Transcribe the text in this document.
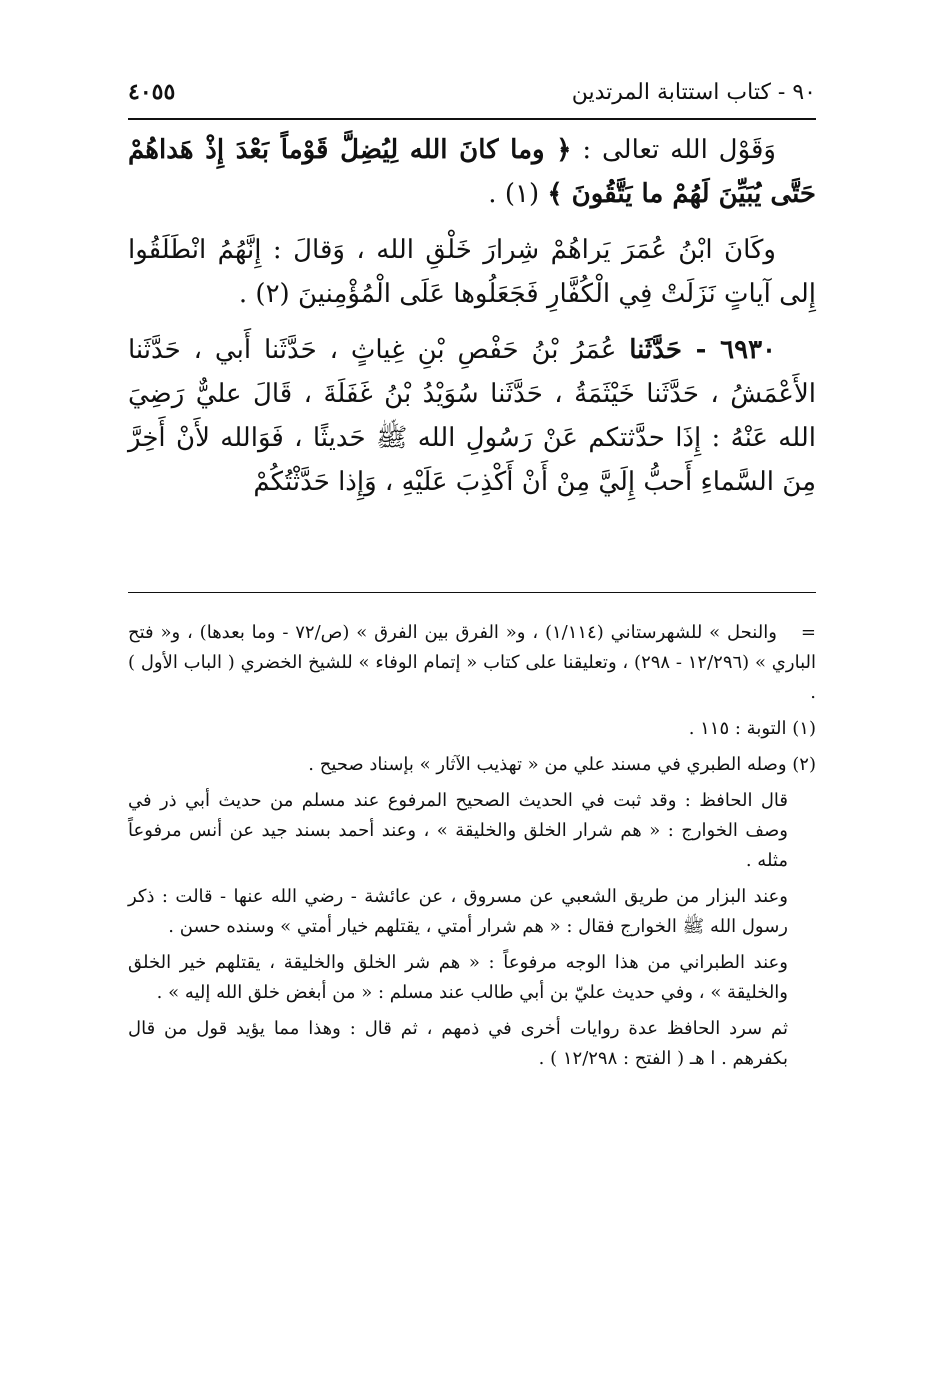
٩٠ - كتاب استتابة المرتدين
٤٠٥٥

وَقَوْل الله تعالى : ﴿ وما كانَ الله لِيُضِلَّ قَوْماً بَعْدَ إِذْ هَداهُمْ حَتَّى يُبَيِّنَ لَهُمْ ما يَتَّقُونَ ﴾ (١) .

وكَانَ ابْنُ عُمَرَ يَراهُمْ شِرارَ خَلْقِ الله ، وَقالَ : إِنَّهُمُ انْطَلَقُوا إِلى آياتٍ نَزَلَتْ فِي الْكُفَّارِ فَجَعَلُوها عَلَى الْمُؤْمِنينَ (٢) .

٦٩٣٠ - حَدَّثَنا عُمَرُ بْنُ حَفْصِ بْنِ غِياثٍ ، حَدَّثَنا أَبي ، حَدَّثَنا الأَعْمَشُ ، حَدَّثَنا خَيْثَمَةُ ، حَدَّثَنا سُوَيْدُ بْنُ غَفَلَةَ ، قَالَ عليٌّ رَضِيَ الله عَنْهُ : إِذَا حدَّثتكم عَنْ رَسُولِ الله ﷺ حَديثًا ، فَوَالله لأَنْ أَخِرَّ مِنَ السَّماءِ أَحبُّ إِلَيَّ مِنْ أَنْ أَكْذِبَ عَلَيْهِ ، وَإِذا حَدَّثْتُكُمْ

=والنحل » للشهرستاني (١/١١٤) ، و« الفرق بين الفرق » (ص/٧٢ - وما بعدها) ، و« فتح الباري » (١٢/٢٩٦ - ٢٩٨) ، وتعليقنا على كتاب « إتمام الوفاء » للشيخ الخضري ( الباب الأول ) .

(١) التوبة : ١١٥ .

(٢) وصله الطبري في مسند علي من « تهذيب الآثار » بإسناد صحيح .

قال الحافظ : وقد ثبت في الحديث الصحيح المرفوع عند مسلم من حديث أبي ذر في وصف الخوارج : « هم شرار الخلق والخليقة » ، وعند أحمد بسند جيد عن أنس مرفوعاً مثله .

وعند البزار من طريق الشعبي عن مسروق ، عن عائشة - رضي الله عنها - قالت : ذكر رسول الله ﷺ الخوارج فقال : « هم شرار أمتي ، يقتلهم خيار أمتي » وسنده حسن .

وعند الطبراني من هذا الوجه مرفوعاً : « هم شر الخلق والخليقة ، يقتلهم خير الخلق والخليقة » ، وفي حديث عليّ بن أبي طالب عند مسلم : « من أبغض خلق الله إليه » .

ثم سرد الحافظ عدة روايات أخرى في ذمهم ، ثم قال : وهذا مما يؤيد قول من قال بكفرهم . ا هـ ( الفتح : ١٢/٢٩٨ ) .
